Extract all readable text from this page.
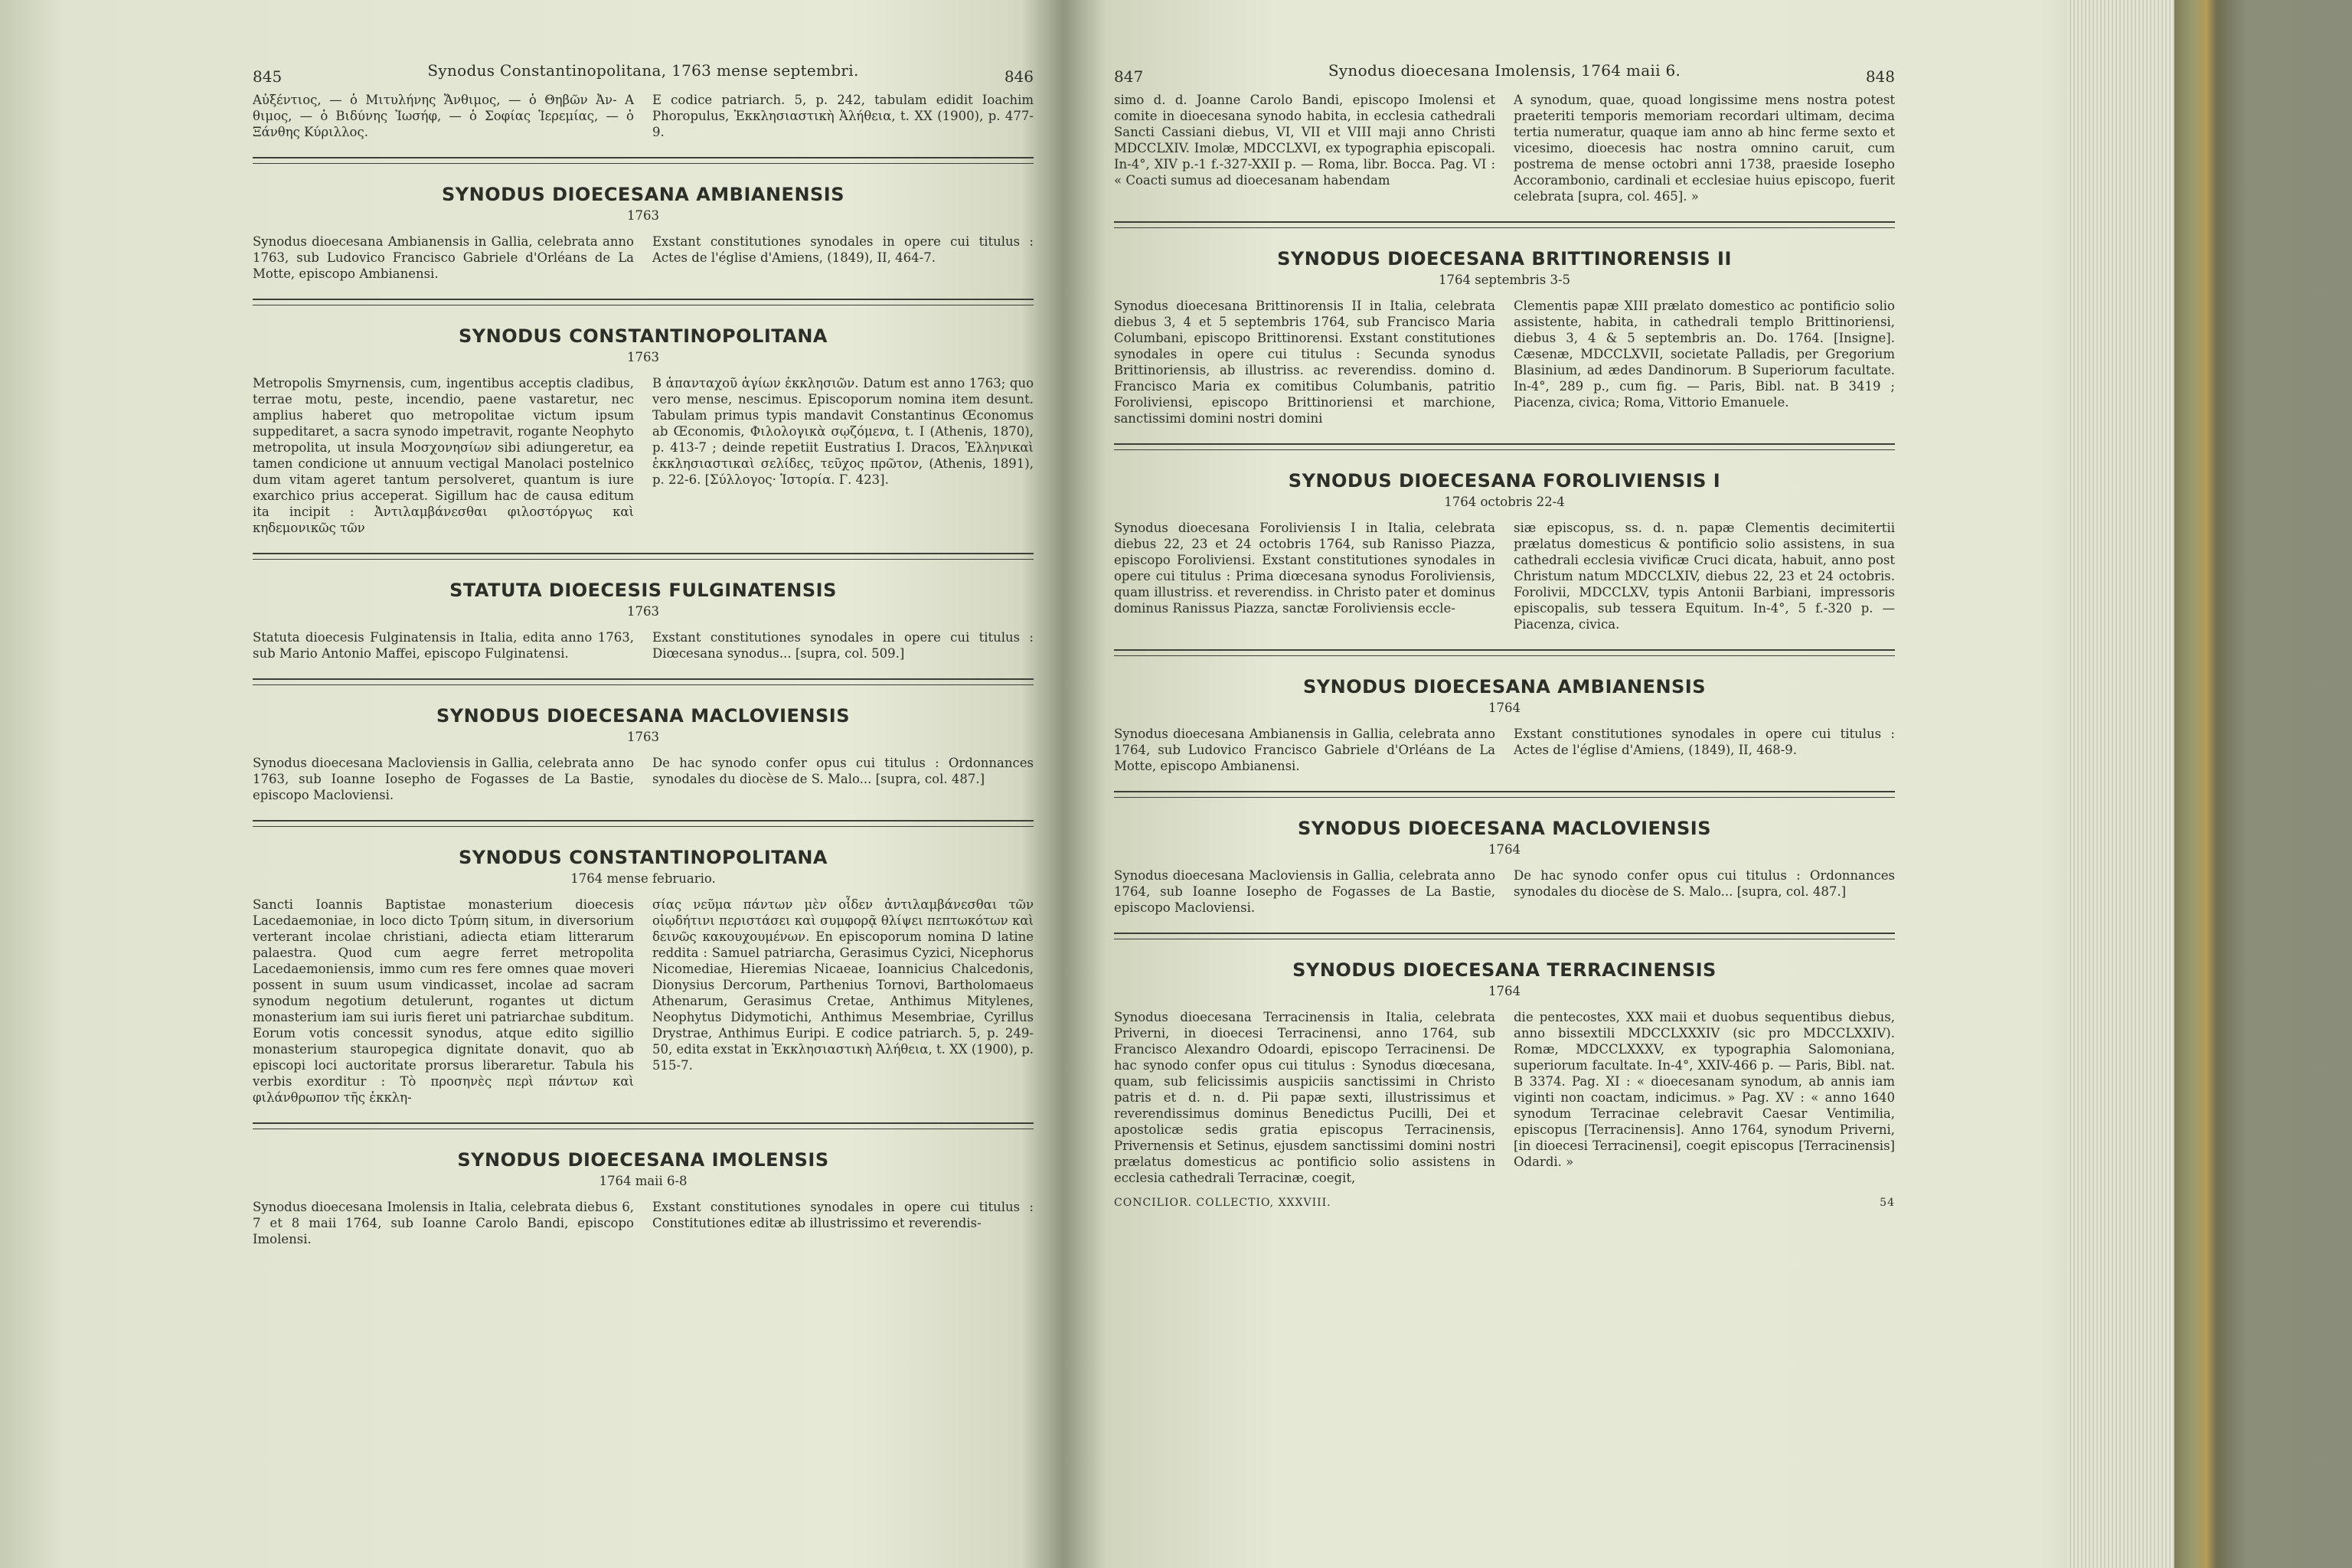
845	Synodus Constantinopolitana, 1763 mense septembri.	846
Αὐξέντιος, — ὁ Μιτυλήνης Ἄνθιμος, — ὁ Θηβῶν Ἀν- A θιμος, — ὁ Βιδύνης Ἰωσήφ, — ὁ Σοφίας Ἱερεμίας, — ὁ Ξάνθης Κύριλλος.
E codice patriarch. 5, p. 242, tabulam edidit Ioachim Phoropulus, Ἐκκλησιαστικὴ Ἀλήθεια, t. XX (1900), p. 477-9.
SYNODUS DIOECESANA AMBIANENSIS
1763
Synodus dioecesana Ambianensis in Gallia, celebrata anno 1763, sub Ludovico Francisco Gabriele d'Orléans de La Motte, episcopo Ambianensi.
Exstant constitutiones synodales in opere cui titulus : Actes de l'église d'Amiens, (1849), II, 464-7.
SYNODUS CONSTANTINOPOLITANA
1763
Metropolis Smyrnensis, cum, ingentibus acceptis cladibus, terrae motu, peste, incendio, paene vastaretur, nec amplius haberet quo metropolitae victum ipsum suppeditaret, a sacra synodo impetravit, rogante Neophyto metropolita, ut insula Μοσχονησίων sibi adiungeretur, ea tamen condicione ut annuum vectigal Manolaci postelnico dum vitam ageret tantum persolveret, quantum is iure exarchico prius acceperat. Sigillum hac de causa editum ita incipit : Ἀντιλαμβάνεσθαι φιλοστόργως καὶ κηδεμονικῶς τῶν
B ἁπανταχοῦ ἁγίων ἐκκλησιῶν. Datum est anno 1763; quo vero mense, nescimus. Episcoporum nomina item desunt. Tabulam primus typis mandavit Constantinus Œconomus ab Œconomis, Φιλολογικὰ σῳζόμενα, t. I (Athenis, 1870), p. 413-7 ; deinde repetiit Eustratius I. Dracos, Ἑλληνικαὶ ἐκκλησιαστικαὶ σελίδες, τεῦχος πρῶτον, (Athenis, 1891), p. 22-6. [Σύλλογος· Ἱστορία. Γ. 423].
STATUTA DIOECESIS FULGINATENSIS
1763
Statuta dioecesis Fulginatensis in Italia, edita anno 1763, sub Mario Antonio Maffei, episcopo Fulginatensi.
Exstant constitutiones synodales in opere cui titulus : Diœcesana synodus... [supra, col. 509.]
SYNODUS DIOECESANA MACLOVIENSIS
1763
Synodus dioecesana Macloviensis in Gallia, celebrata anno 1763, sub Ioanne Iosepho de Fogasses de La Bastie, episcopo Macloviensi.
De hac synodo confer opus cui titulus : Ordonnances synodales du diocèse de S. Malo... [supra, col. 487.]
SYNODUS CONSTANTINOPOLITANA
1764 mense februario.
Sancti Ioannis Baptistae monasterium dioecesis Lacedaemoniae, in loco dicto Τρύπη situm, in diversorium verterant incolae christiani, adiecta etiam litterarum palaestra. Quod cum aegre ferret metropolita Lacedaemoniensis, immo cum res fere omnes quae moveri possent in suum usum vindicasset, incolae ad sacram synodum negotium detulerunt, rogantes ut dictum monasterium iam sui iuris fieret uni patriarchae subditum. Eorum votis concessit synodus, atque edito sigillio monasterium stauropegica dignitate donavit, quo ab episcopi loci auctoritate prorsus liberaretur. Tabula his verbis exorditur : Τὸ προσηνὲς περὶ πάντων καὶ φιλάνθρωπον τῆς ἐκκλη-
σίας νεῦμα πάντων μὲν οἶδεν ἀντιλαμβάνεσθαι τῶν οἱῳδήτινι περιστάσει καὶ συμφορᾷ θλίψει πεπτωκότων καὶ δεινῶς κακουχουμένων. En episcoporum nomina D latine reddita : Samuel patriarcha, Gerasimus Cyzici, Nicephorus Nicomediae, Hieremias Nicaeae, Ioannicius Chalcedonis, Dionysius Dercorum, Parthenius Tornovi, Bartholomaeus Athenarum, Gerasimus Cretae, Anthimus Mitylenes, Neophytus Didymotichi, Anthimus Mesembriae, Cyrillus Drystrae, Anthimus Euripi. E codice patriarch. 5, p. 249-50, edita exstat in Ἐκκλησιαστικὴ Ἀλήθεια, t. XX (1900), p. 515-7.
SYNODUS DIOECESANA IMOLENSIS
1764 maii 6-8
Synodus dioecesana Imolensis in Italia, celebrata diebus 6, 7 et 8 maii 1764, sub Ioanne Carolo Bandi, episcopo Imolensi.
Exstant constitutiones synodales in opere cui titulus : Constitutiones editæ ab illustrissimo et reverendis-
847	Synodus dioecesana Imolensis, 1764 maii 6.	848
simo d. d. Joanne Carolo Bandi, episcopo Imolensi et comite in dioecesana synodo habita, in ecclesia cathedrali Sancti Cassiani diebus, VI, VII et VIII maji anno Christi MDCCLXIV. Imolæ, MDCCLXVI, ex typographia episcopali. In-4°, XIV p.-1 f.-327-XXII p. — Roma, libr. Bocca. Pag. VI : « Coacti sumus ad dioecesanam habendam
A synodum, quae, quoad longissime mens nostra potest praeteriti temporis memoriam recordari ultimam, decima tertia numeratur, quaque iam anno ab hinc ferme sexto et vicesimo, dioecesis hac nostra omnino caruit, cum postrema de mense octobri anni 1738, praeside Iosepho Accorambonio, cardinali et ecclesiae huius episcopo, fuerit celebrata [supra, col. 465]. »
SYNODUS DIOECESANA BRITTINORENSIS II
1764 septembris 3-5
Synodus dioecesana Brittinorensis II in Italia, celebrata diebus 3, 4 et 5 septembris 1764, sub Francisco Maria Columbani, episcopo Brittinorensi. Exstant constitutiones synodales in opere cui titulus : Secunda synodus Brittinoriensis, ab illustriss. ac reverendiss. domino d. Francisco Maria ex comitibus Columbanis, patritio Foroliviensi, episcopo Brittinoriensi et marchione, sanctissimi domini nostri domini
Clementis papæ XIII prælato domestico ac pontificio solio assistente, habita, in cathedrali templo Brittinoriensi, diebus 3, 4 & 5 septembris an. Do. 1764. [Insigne]. Cæsenæ, MDCCLXVII, societate Palladis, per Gregorium Blasinium, ad ædes Dandinorum. B Superiorum facultate. In-4°, 289 p., cum fig. — Paris, Bibl. nat. B 3419 ; Piacenza, civica; Roma, Vittorio Emanuele.
SYNODUS DIOECESANA FOROLIVIENSIS I
1764 octobris 22-4
Synodus dioecesana Foroliviensis I in Italia, celebrata diebus 22, 23 et 24 octobris 1764, sub Ranisso Piazza, episcopo Foroliviensi. Exstant constitutiones synodales in opere cui titulus : Prima diœcesana synodus Foroliviensis, quam illustriss. et reverendiss. in Christo pater et dominus dominus Ranissus Piazza, sanctæ Foroliviensis eccle-
siæ episcopus, ss. d. n. papæ Clementis decimitertii prælatus domesticus & pontificio solio assistens, in sua cathedrali ecclesia vivificæ Cruci dicata, habuit, anno post Christum natum MDCCLXIV, diebus 22, 23 et 24 octobris. Forolivii, MDCCLXV, typis Antonii Barbiani, impressoris episcopalis, sub tessera Equitum. In-4°, 5 f.-320 p. — Piacenza, civica.
SYNODUS DIOECESANA AMBIANENSIS
1764
Synodus dioecesana Ambianensis in Gallia, celebrata anno 1764, sub Ludovico Francisco Gabriele d'Orléans de La Motte, episcopo Ambianensi.
Exstant constitutiones synodales in opere cui titulus : Actes de l'église d'Amiens, (1849), II, 468-9.
SYNODUS DIOECESANA MACLOVIENSIS
1764
Synodus dioecesana Macloviensis in Gallia, celebrata anno 1764, sub Ioanne Iosepho de Fogasses de La Bastie, episcopo Macloviensi.
De hac synodo confer opus cui titulus : Ordonnances synodales du diocèse de S. Malo... [supra, col. 487.]
SYNODUS DIOECESANA TERRACINENSIS
1764
Synodus dioecesana Terracinensis in Italia, celebrata Priverni, in dioecesi Terracinensi, anno 1764, sub Francisco Alexandro Odoardi, episcopo Terracinensi. De hac synodo confer opus cui titulus : Synodus diœcesana, quam, sub felicissimis auspiciis sanctissimi in Christo patris et d. n. d. Pii papæ sexti, illustrissimus et reverendissimus dominus Benedictus Pucilli, Dei et apostolicæ sedis gratia episcopus Terracinensis, Privernensis et Setinus, ejusdem sanctissimi domini nostri prælatus domesticus ac pontificio solio assistens in ecclesia cathedrali Terracinæ, coegit,
die pentecostes, XXX maii et duobus sequentibus diebus, anno bissextili MDCCLXXXIV (sic pro MDCCLXXIV). Romæ, MDCCLXXXV, ex typographia Salomoniana, superiorum facultate. In-4°, XXIV-466 p. — Paris, Bibl. nat. B 3374. Pag. XI : « dioecesanam synodum, ab annis iam viginti non coactam, indicimus. » Pag. XV : « anno 1640 synodum Terracinae celebravit Caesar Ventimilia, episcopus [Terracinensis]. Anno 1764, synodum Priverni, [in dioecesi Terracinensi], coegit episcopus [Terracinensis] Odardi. »
CONCILIOR. COLLECTIO, XXXVIII.	54
